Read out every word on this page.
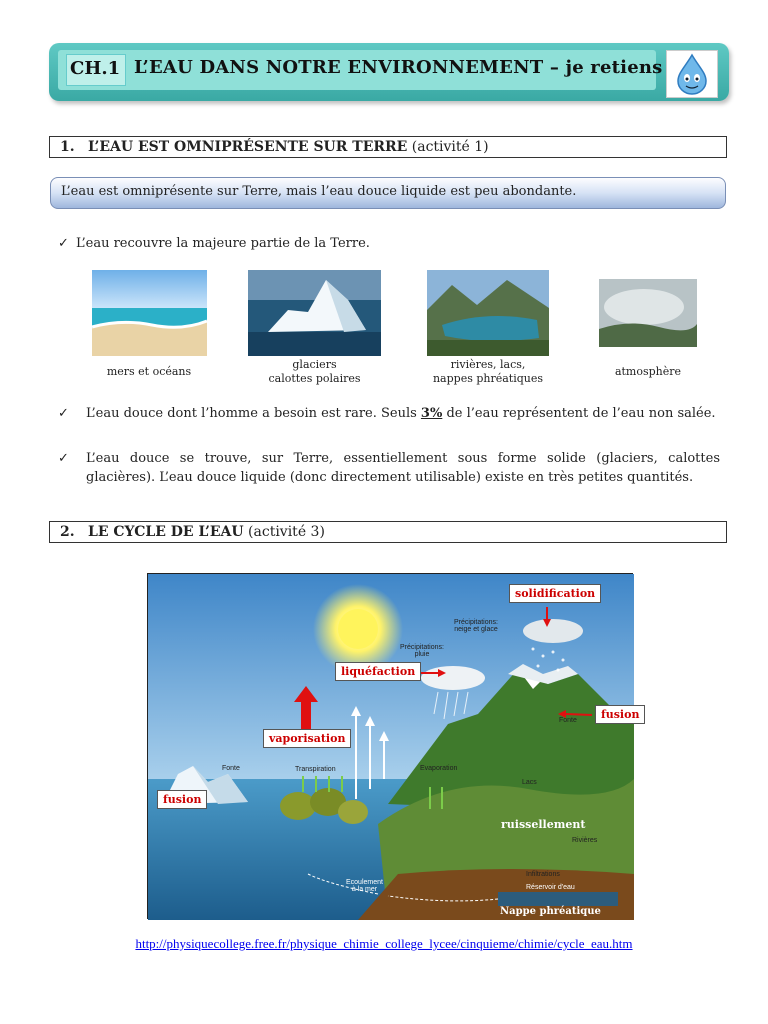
CH.1 L’EAU DANS NOTRE ENVIRONNEMENT – je retiens
1. L’EAU EST OMNIPRÉSENTE SUR TERRE (activité 1)
L’eau est omniprésente sur Terre, mais l’eau douce liquide est peu abondante.
✓ L’eau recouvre la majeure partie de la Terre.
mers et océans
glaciers
calottes polaires
rivières, lacs,
nappes phréatiques
atmosphère
✓ L’eau douce dont l’homme a besoin est rare. Seuls 3% de l’eau représentent de l’eau non salée.
✓ L’eau douce se trouve, sur Terre, essentiellement sous forme solide (glaciers, calottes glacières). L’eau douce liquide (donc directement utilisable) existe en très petites quantités.
2. LE CYCLE DE L’EAU (activité 3)
solidification
liquéfaction
vaporisation
fusion
fusion
ruissellement
Nappe phréatique
Précipitations:
neige et glace
Précipitations:
pluie
Fonte
Fonte
Transpiration	Evaporation
Lacs
Rivières
Infiltrations
Ecoulement
à la mer	Réservoir d'eau
http://physiquecollege.free.fr/physique_chimie_college_lycee/cinquieme/chimie/cycle_eau.htm
